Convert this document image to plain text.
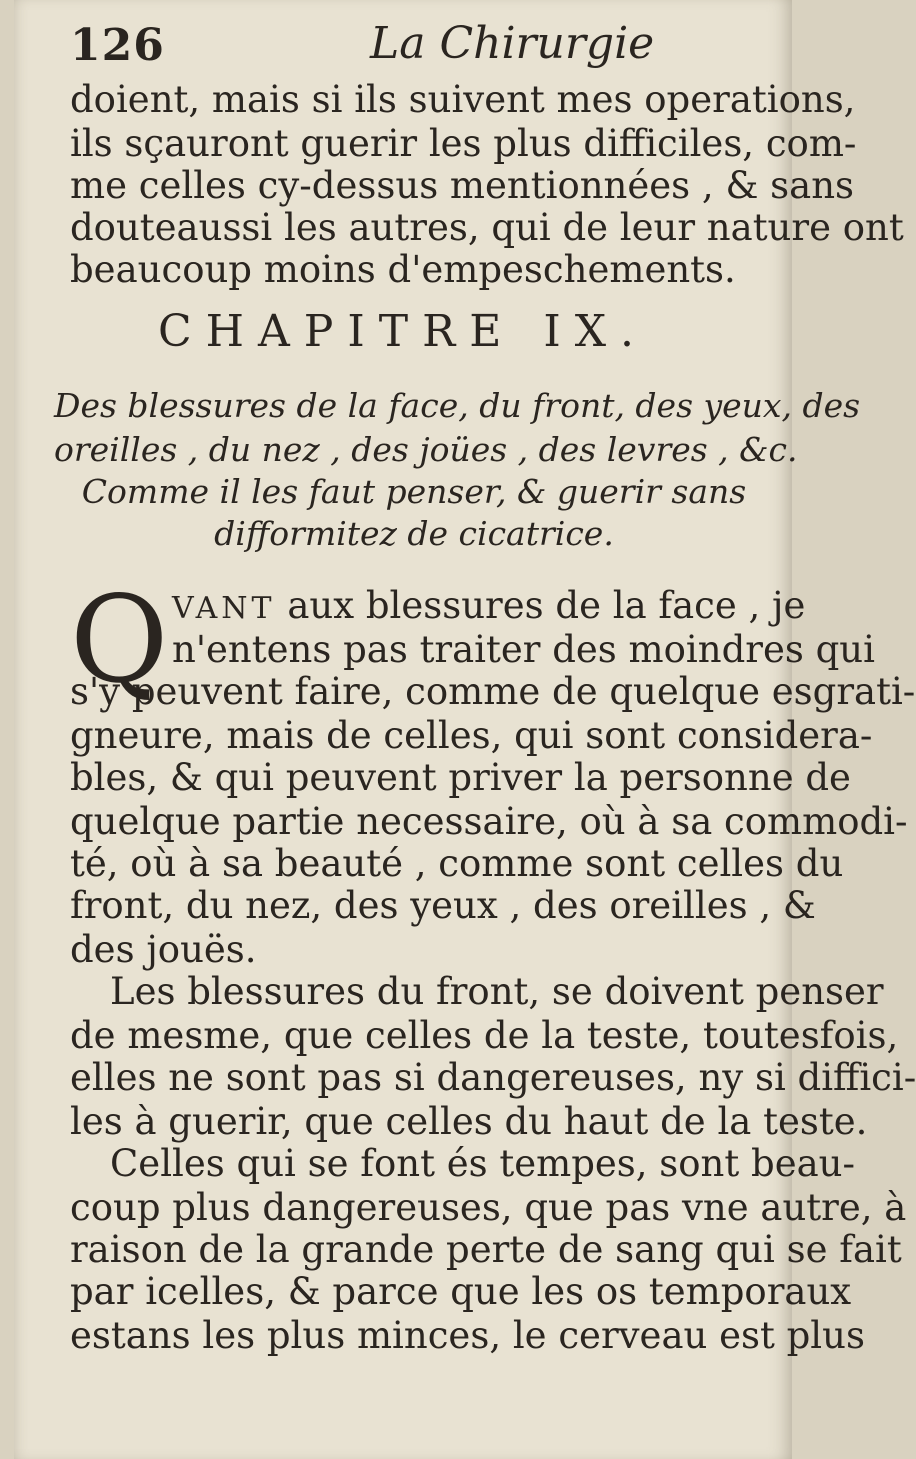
126	La Chirurgie
doient, mais si ils suivent mes operations,
ils sçauront guerir les plus difficiles, com-
me celles cy-dessus mentionnées , & sans
douteaussi les autres, qui de leur nature ont
beaucoup moins d'empeschements.
CHAPITRE IX.
Des blessures de la face, du front, des yeux, des
oreilles , du nez , des joües , des levres , &c.
Comme il les faut penser, & guerir sans
difformitez de cicatrice.
Q VANT aux blessures de la face , je
n'entens pas traiter des moindres qui
s'y peuvent faire, comme de quelque esgrati-
gneure, mais de celles, qui sont considera-
bles, & qui peuvent priver la personne de
quelque partie necessaire, où à sa commodi-
té, où à sa beauté , comme sont celles du
front, du nez, des yeux , des oreilles , &
des jouës.
Les blessures du front, se doivent penser
de mesme, que celles de la teste, toutesfois,
elles ne sont pas si dangereuses, ny si diffici-
les à guerir, que celles du haut de la teste.
Celles qui se font és tempes, sont beau-
coup plus dangereuses, que pas vne autre, à
raison de la grande perte de sang qui se fait
par icelles, & parce que les os temporaux
estans les plus minces, le cerveau est plus
